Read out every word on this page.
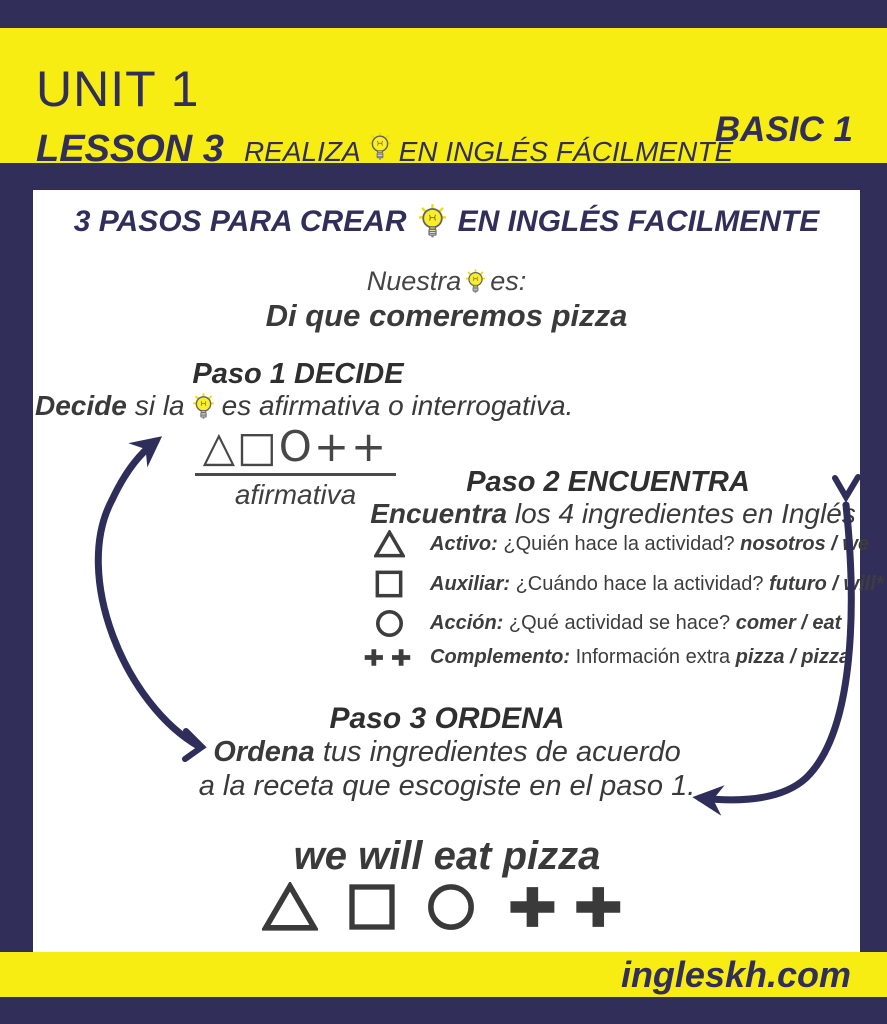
UNIT 1
LESSON 3 REALIZA EN INGLÉS FÁCILMENTE
BASIC 1
3 PASOS PARA CREAR EN INGLÉS FACILMENTE
Nuestra es:
Di que comeremos pizza
Paso 1 DECIDE
Decide si la es afirmativa o interrogativa.
△□O++
afirmativa	Paso 2 ENCUENTRA
Encuentra los 4 ingredientes en Inglés
Activo: ¿Quién hace la actividad? nosotros / we
Auxiliar: ¿Cuándo hace la actividad? futuro / will*
Acción: ¿Qué actividad se hace? comer / eat
Complemento: Información extra pizza / pizza
Paso 3 ORDENA
Ordena tus ingredientes de acuerdo
a la receta que escogiste en el paso 1.
we will eat pizza
ingleskh.com
